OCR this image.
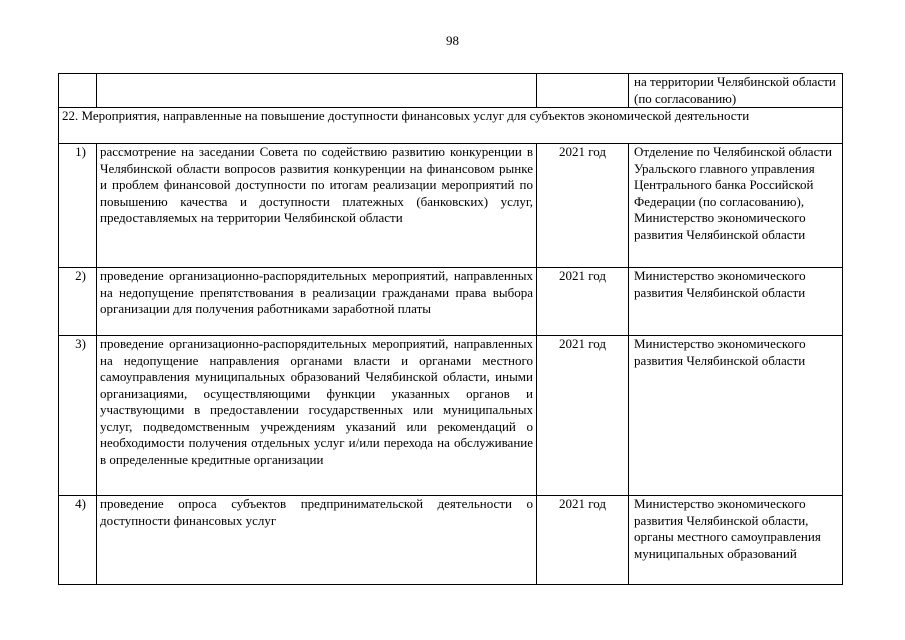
98
			на территории Челябинской области (по согласованию)
22. Мероприятия, направленные на повышение доступности финансовых услуг для субъектов экономической деятельности			
1)	рассмотрение на заседании Совета по содействию развитию конкуренции в Челябинской области вопросов развития конкуренции на финансовом рынке и проблем финансовой доступности по итогам реализации мероприятий по повышению качества и доступности платежных (банковских) услуг, предоставляемых на территории Челябинской области	2021 год	Отделение по Челябинской области Уральского главного управления Центрального банка Российской Федерации (по согласованию), Министерство экономического развития Челябинской области
2)	проведение организационно-распорядительных мероприятий, направленных на недопущение препятствования в реализации гражданами права выбора организации для получения работниками заработной платы	2021 год	Министерство экономического развития Челябинской области
3)	проведение организационно-распорядительных мероприятий, направленных на недопущение направления органами власти и органами местного самоуправления муниципальных образований Челябинской области, иными организациями, осуществляющими функции указанных органов и участвующими в предоставлении государственных или муниципальных услуг, подведомственным учреждениям указаний или рекомендаций о необходимости получения отдельных услуг и/или перехода на обслуживание в определенные кредитные организации	2021 год	Министерство экономического развития Челябинской области
4)	проведение опроса субъектов предпринимательской деятельности о доступности финансовых услуг	2021 год	Министерство экономического развития Челябинской области, органы местного самоуправления муниципальных образований
